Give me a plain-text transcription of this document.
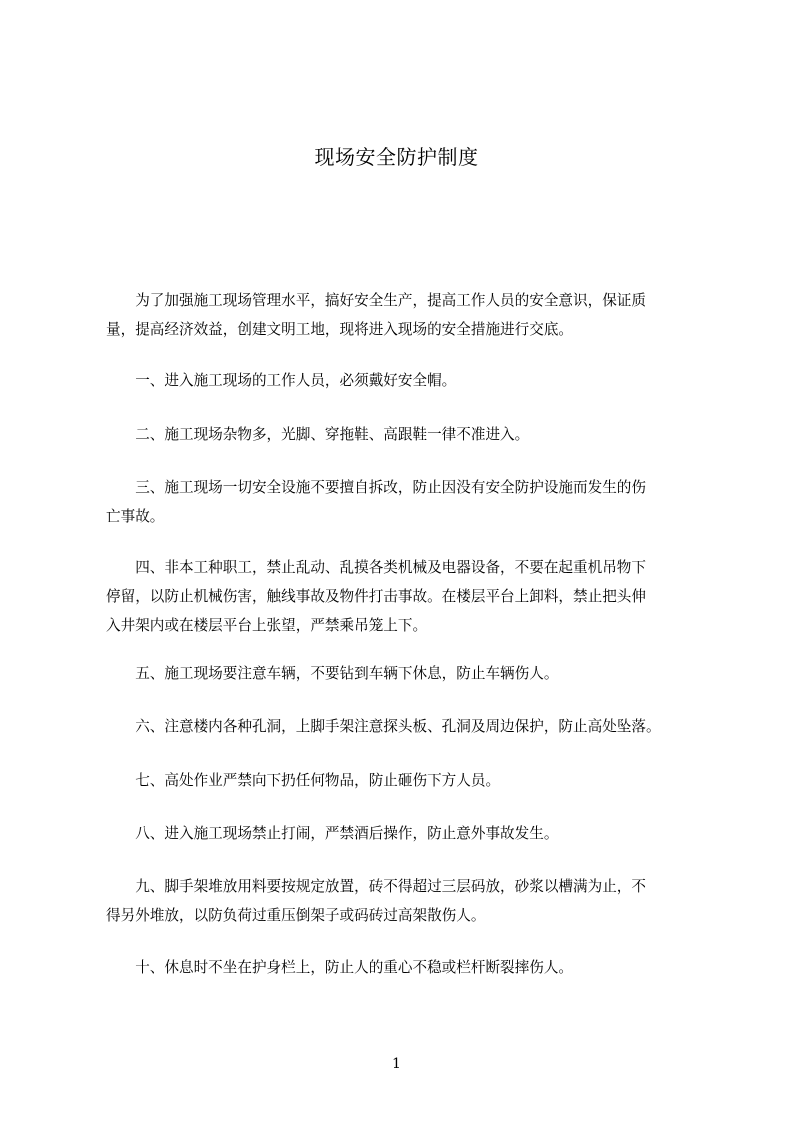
现场安全防护制度

　　为了加强施工现场管理水平，搞好安全生产，提高工作人员的安全意识，保证质
量，提高经济效益，创建文明工地，现将进入现场的安全措施进行交底。

　　一、进入施工现场的工作人员，必须戴好安全帽。

　　二、施工现场杂物多，光脚、穿拖鞋、高跟鞋一律不准进入。

　　三、施工现场一切安全设施不要擅自拆改，防止因没有安全防护设施而发生的伤
亡事故。

　　四、非本工种职工，禁止乱动、乱摸各类机械及电器设备，不要在起重机吊物下
停留，以防止机械伤害，触线事故及物件打击事故。在楼层平台上卸料，禁止把头伸
入井架内或在楼层平台上张望，严禁乘吊笼上下。

　　五、施工现场要注意车辆，不要钻到车辆下休息，防止车辆伤人。

　　六、注意楼内各种孔洞，上脚手架注意探头板、孔洞及周边保护，防止高处坠落。

　　七、高处作业严禁向下扔任何物品，防止砸伤下方人员。

　　八、进入施工现场禁止打闹，严禁酒后操作，防止意外事故发生。

　　九、脚手架堆放用料要按规定放置，砖不得超过三层码放，砂浆以槽满为止，不
得另外堆放，以防负荷过重压倒架子或码砖过高架散伤人。

　　十、休息时不坐在护身栏上，防止人的重心不稳或栏杆断裂摔伤人。

1
